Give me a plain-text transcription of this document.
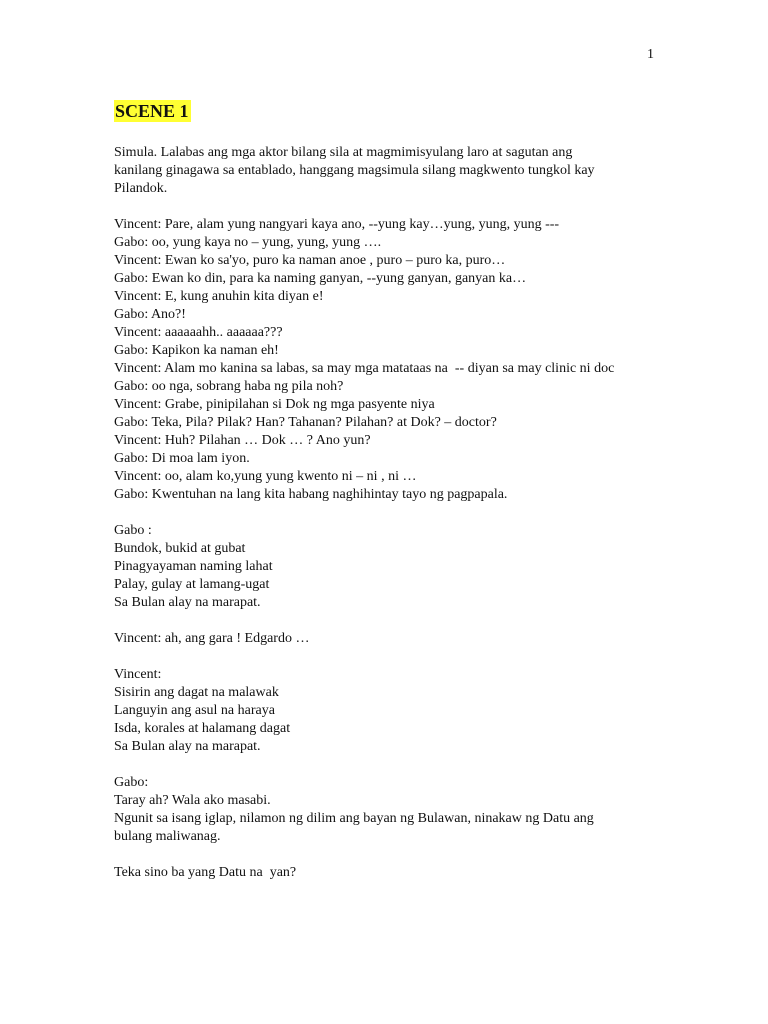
1
SCENE 1
Simula. Lalabas ang mga aktor bilang sila at magmimisyulang laro at sagutan ang
kanilang ginagawa sa entablado, hanggang magsimula silang magkwento tungkol kay
Pilandok.
Vincent: Pare, alam yung nangyari kaya ano, --yung kay…yung, yung, yung ---
Gabo: oo, yung kaya no – yung, yung, yung ….
Vincent: Ewan ko sa'yo, puro ka naman anoe , puro – puro ka, puro…
Gabo: Ewan ko din, para ka naming ganyan, --yung ganyan, ganyan ka…
Vincent: E, kung anuhin kita diyan e!
Gabo: Ano?!
Vincent: aaaaaahh.. aaaaaa???
Gabo: Kapikon ka naman eh!
Vincent: Alam mo kanina sa labas, sa may mga matataas na  -- diyan sa may clinic ni doc
Gabo: oo nga, sobrang haba ng pila noh?
Vincent: Grabe, pinipilahan si Dok ng mga pasyente niya
Gabo: Teka, Pila? Pilak? Han? Tahanan? Pilahan? at Dok? – doctor?
Vincent: Huh? Pilahan … Dok … ? Ano yun?
Gabo: Di moa lam iyon.
Vincent: oo, alam ko,yung yung kwento ni – ni , ni …
Gabo: Kwentuhan na lang kita habang naghihintay tayo ng pagpapala.
Gabo :
Bundok, bukid at gubat
Pinagyayaman naming lahat
Palay, gulay at lamang-ugat
Sa Bulan alay na marapat.
Vincent: ah, ang gara ! Edgardo …
Vincent:
Sisirin ang dagat na malawak
Languyin ang asul na haraya
Isda, korales at halamang dagat
Sa Bulan alay na marapat.
Gabo:
Taray ah? Wala ako masabi.
Ngunit sa isang iglap, nilamon ng dilim ang bayan ng Bulawan, ninakaw ng Datu ang
bulang maliwanag.
Teka sino ba yang Datu na  yan?
